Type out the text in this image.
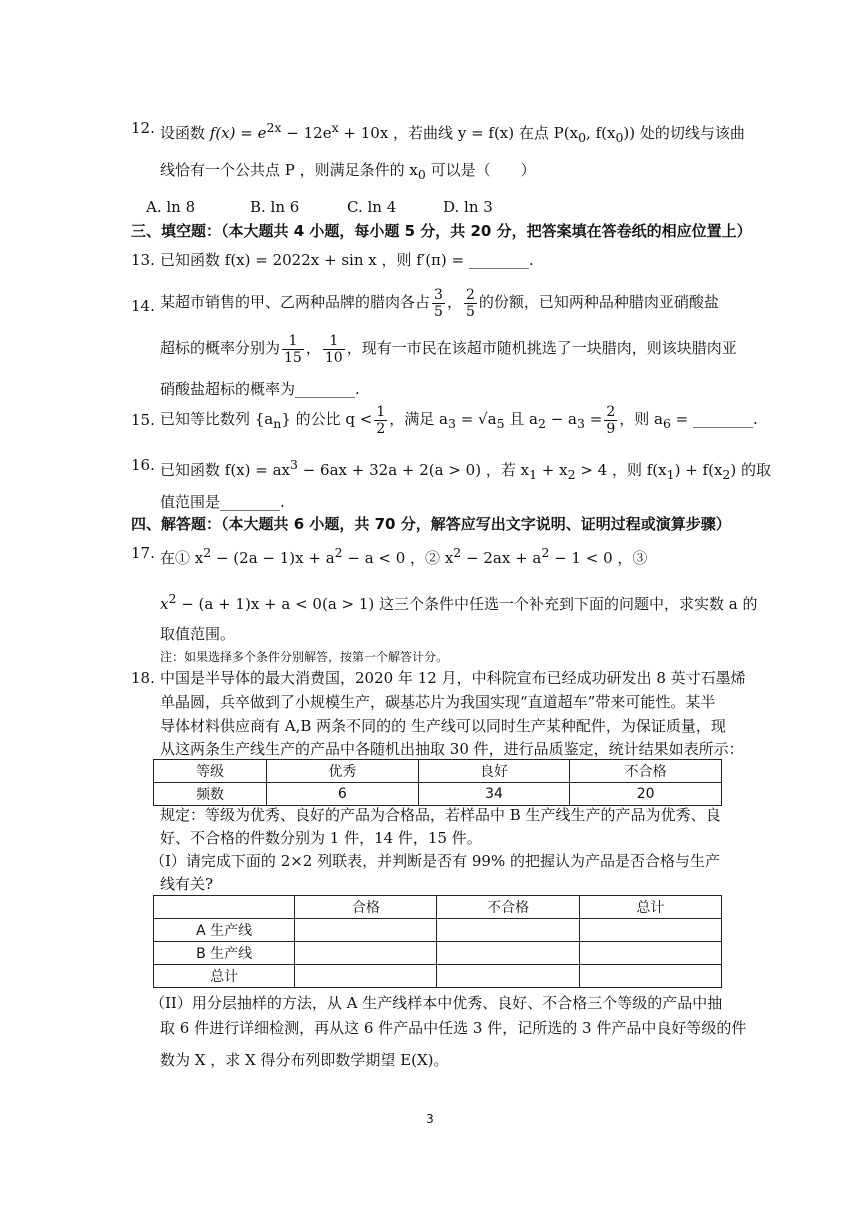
12. 设函数 $f(x) = e^{2x} - 12e^x + 10x$ ，若曲线 y = f(x) 在点 $P(x_0$, $f(x_0)$) 处的切线与该曲
线恰有一个公共点 P ，则满足条件的 $x_0$ 可以是（　　）
A. ln 8	B. ln 6	C. ln 4	D. ln 3
三、填空题：（本大题共 4 小题，每小题 5 分，共 20 分，把答案填在答卷纸的相应位置上）
13. 已知函数 f(x) = 2022x + sin x ，则 f′(π) = ________.
14. 某超市销售的甲、乙两种品牌的腊肉各占 $\frac{3}{5}$ ， $\frac{2}{5}$ 的份额，已知两种品种腊肉亚硝酸盐
超标的概率分别为 $\frac{1}{15}$ ， $\frac{1}{10}$ ，现有一市民在该超市随机挑选了一块腊肉，则该块腊肉亚
硝酸盐超标的概率为________.
15. 已知等比数列 $\{a_n\}$ 的公比 $q < \frac{1}{2}$ ，满足 $a_3 = √a_5$ 且 $a_2 - a_3 = \frac{2}{9}$ ，则 $a_6$ = ________.
16. 已知函数 $f(x) = ax^3 - 6ax + 32a + 2(a > 0)$ ，若 $x_1 + x_2 > 4$ ，则 $f(x_1) + f(x_2)$ 的取
值范围是________.
四、解答题：（本大题共 6 小题，共 70 分，解答应写出文字说明、证明过程或演算步骤）
17. 在① $x^2 - (2a - 1)x + a^2 - a < 0$ ，② $x^2 - 2ax + a^2 - 1 < 0$ ，③
$x^2 - (a + 1)x + a < 0(a > 1)$ 这三个条件中任选一个补充到下面的问题中，求实数 a 的
取值范围。
注：如果选择多个条件分别解答，按第一个解答计分。
18. 中国是半导体的最大消费国，2020 年 12 月，中科院宣布已经成功研发出 8 英寸石墨烯
单晶圆，兵卒做到了小规模生产，碳基芯片为我国实现“直道超车”带来可能性。某半
导体材料供应商有 A,B 两条不同的的 生产线可以同时生产某种配件，为保证质量，现
从这两条生产线生产的产品中各随机出抽取 30 件，进行品质鉴定，统计结果如表所示：
等级	优秀	良好	不合格
频数	6	34	20
规定：等级为优秀、良好的产品为合格品，若样品中 B 生产线生产的产品为优秀、良
好、不合格的件数分别为 1 件，14 件，15 件。
（I）请完成下面的 2×2 列联表，并判断是否有 99% 的把握认为产品是否合格与生产
线有关?
	合格	不合格	总计
A 生产线			
B 生产线			
总计			
（II）用分层抽样的方法，从 A 生产线样本中优秀、良好、不合格三个等级的产品中抽
取 6 件进行详细检测，再从这 6 件产品中任选 3 件，记所选的 3 件产品中良好等级的件
数为 X ，求 X 得分布列即数学期望 E(X)。
3
